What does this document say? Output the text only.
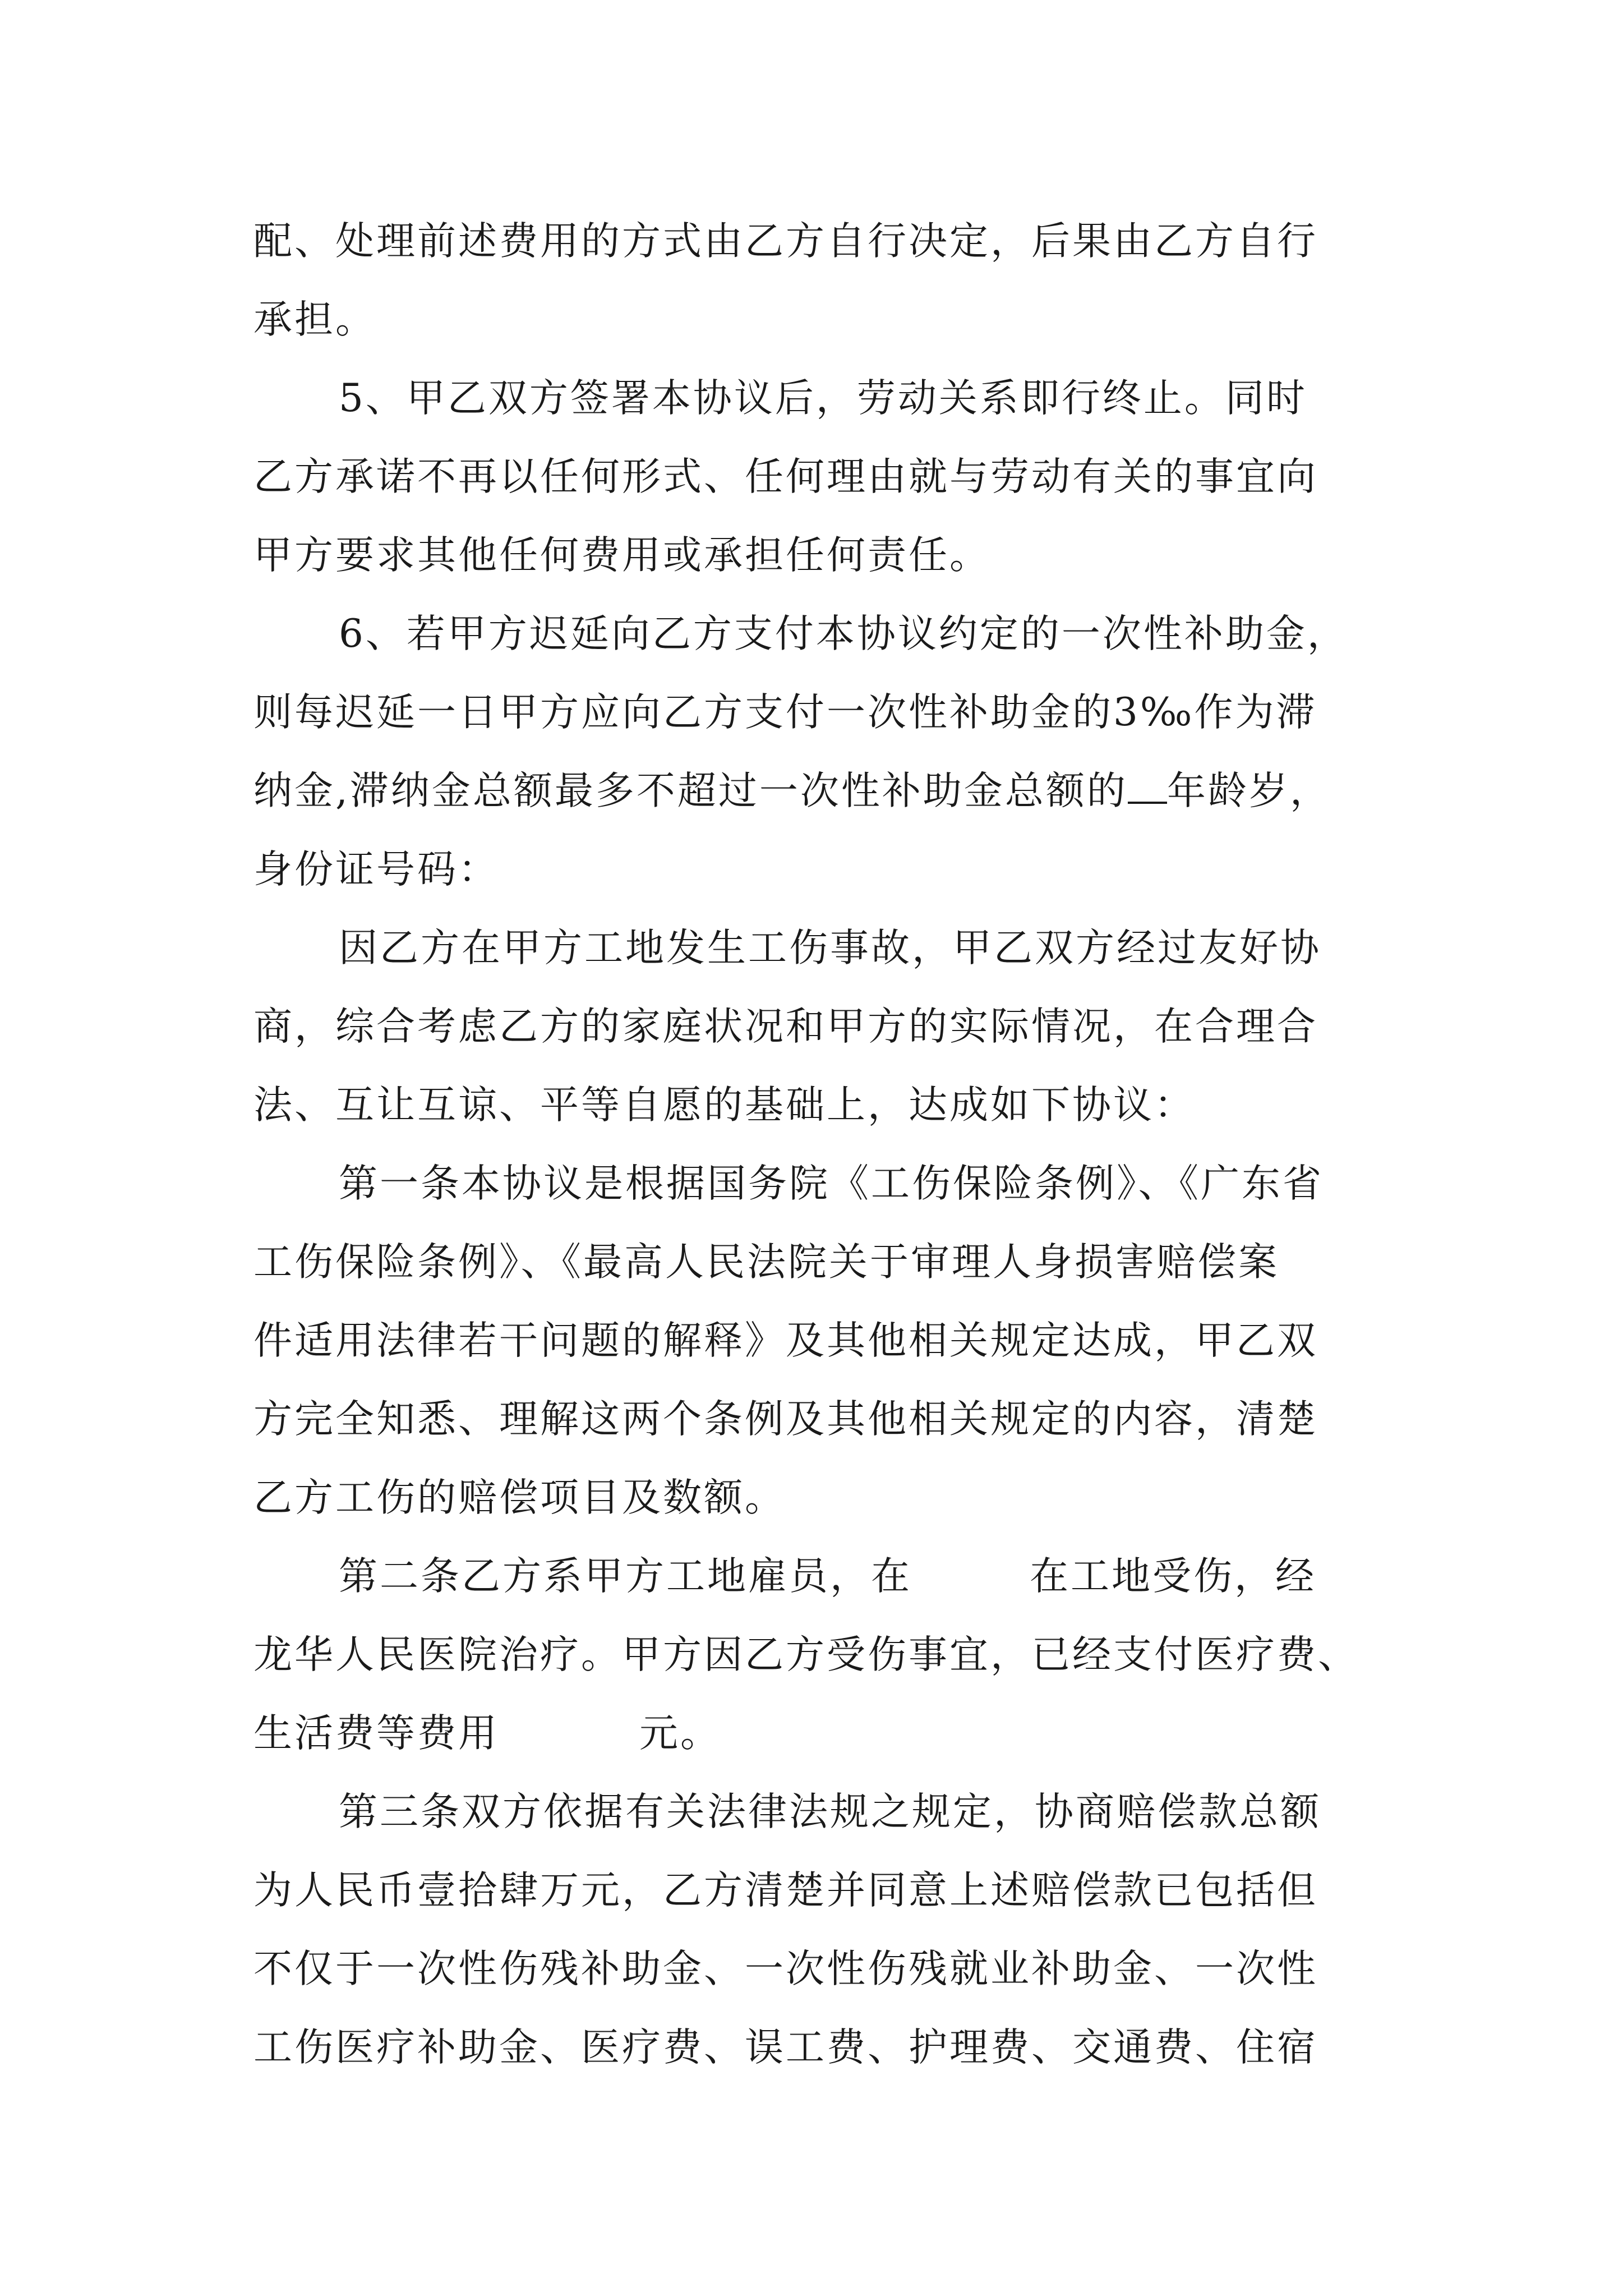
配、处理前述费用的方式由乙方自行决定，后果由乙方自行
承担。
5、甲乙双方签署本协议后，劳动关系即行终止。同时
乙方承诺不再以任何形式、任何理由就与劳动有关的事宜向
甲方要求其他任何费用或承担任何责任。
6、若甲方迟延向乙方支付本协议约定的一次性补助金，
则每迟延一日甲方应向乙方支付一次性补助金的3‰作为滞
纳金,滞纳金总额最多不超过一次性补助金总额的 年龄岁，
身份证号码：
因乙方在甲方工地发生工伤事故，甲乙双方经过友好协
商，综合考虑乙方的家庭状况和甲方的实际情况，在合理合
法、互让互谅、平等自愿的基础上，达成如下协议：
第一条本协议是根据国务院《工伤保险条例》、《广东省
工伤保险条例》、《最高人民法院关于审理人身损害赔偿案
件适用法律若干问题的解释》及其他相关规定达成，甲乙双
方完全知悉、理解这两个条例及其他相关规定的内容，清楚
乙方工伤的赔偿项目及数额。
第二条乙方系甲方工地雇员，在	在工地受伤，经
龙华人民医院治疗。甲方因乙方受伤事宜，已经支付医疗费、
生活费等费用	元。
第三条双方依据有关法律法规之规定，协商赔偿款总额
为人民币壹拾肆万元，乙方清楚并同意上述赔偿款已包括但
不仅于一次性伤残补助金、一次性伤残就业补助金、一次性
工伤医疗补助金、医疗费、误工费、护理费、交通费、住宿
